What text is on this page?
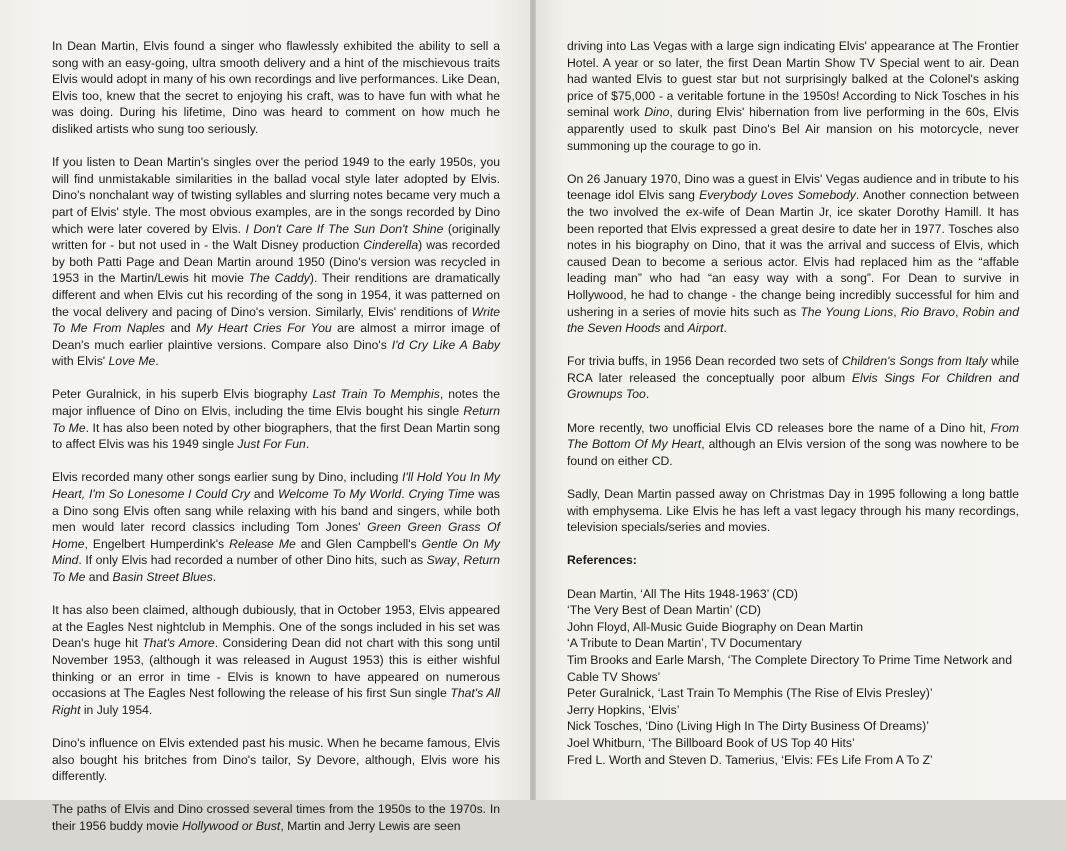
In Dean Martin, Elvis found a singer who flawlessly exhibited the ability to sell a song with an easy-going, ultra smooth delivery and a hint of the mischievous traits Elvis would adopt in many of his own recordings and live performances. Like Dean, Elvis too, knew that the secret to enjoying his craft, was to have fun with what he was doing. During his lifetime, Dino was heard to comment on how much he disliked artists who sung too seriously.

If you listen to Dean Martin's singles over the period 1949 to the early 1950s, you will find unmistakable similarities in the ballad vocal style later adopted by Elvis. Dino's nonchalant way of twisting syllables and slurring notes became very much a part of Elvis' style. The most obvious examples, are in the songs recorded by Dino which were later covered by Elvis. I Don't Care If The Sun Don't Shine (originally written for - but not used in - the Walt Disney production Cinderella) was recorded by both Patti Page and Dean Martin around 1950 (Dino's version was recycled in 1953 in the Martin/Lewis hit movie The Caddy). Their renditions are dramatically different and when Elvis cut his recording of the song in 1954, it was patterned on the vocal delivery and pacing of Dino's version. Similarly, Elvis' renditions of Write To Me From Naples and My Heart Cries For You are almost a mirror image of Dean's much earlier plaintive versions. Compare also Dino's I'd Cry Like A Baby with Elvis' Love Me.

Peter Guralnick, in his superb Elvis biography Last Train To Memphis, notes the major influence of Dino on Elvis, including the time Elvis bought his single Return To Me. It has also been noted by other biographers, that the first Dean Martin song to affect Elvis was his 1949 single Just For Fun.

Elvis recorded many other songs earlier sung by Dino, including I'll Hold You In My Heart, I'm So Lonesome I Could Cry and Welcome To My World. Crying Time was a Dino song Elvis often sang while relaxing with his band and singers, while both men would later record classics including Tom Jones' Green Green Grass Of Home, Engelbert Humperdink's Release Me and Glen Campbell's Gentle On My Mind. If only Elvis had recorded a number of other Dino hits, such as Sway, Return To Me and Basin Street Blues.

It has also been claimed, although dubiously, that in October 1953, Elvis appeared at the Eagles Nest nightclub in Memphis. One of the songs included in his set was Dean's huge hit That's Amore. Considering Dean did not chart with this song until November 1953, (although it was released in August 1953) this is either wishful thinking or an error in time - Elvis is known to have appeared on numerous occasions at The Eagles Nest following the release of his first Sun single That's All Right in July 1954.

Dino's influence on Elvis extended past his music. When he became famous, Elvis also bought his britches from Dino's tailor, Sy Devore, although, Elvis wore his differently.

The paths of Elvis and Dino crossed several times from the 1950s to the 1970s. In their 1956 buddy movie Hollywood or Bust, Martin and Jerry Lewis are seen

driving into Las Vegas with a large sign indicating Elvis' appearance at The Frontier Hotel. A year or so later, the first Dean Martin Show TV Special went to air. Dean had wanted Elvis to guest star but not surprisingly balked at the Colonel's asking price of $75,000 - a veritable fortune in the 1950s! According to Nick Tosches in his seminal work Dino, during Elvis' hibernation from live performing in the 60s, Elvis apparently used to skulk past Dino's Bel Air mansion on his motorcycle, never summoning up the courage to go in.

On 26 January 1970, Dino was a guest in Elvis' Vegas audience and in tribute to his teenage idol Elvis sang Everybody Loves Somebody. Another connection between the two involved the ex-wife of Dean Martin Jr, ice skater Dorothy Hamill. It has been reported that Elvis expressed a great desire to date her in 1977. Tosches also notes in his biography on Dino, that it was the arrival and success of Elvis, which caused Dean to become a serious actor. Elvis had replaced him as the “affable leading man” who had “an easy way with a song”. For Dean to survive in Hollywood, he had to change - the change being incredibly successful for him and ushering in a series of movie hits such as The Young Lions, Rio Bravo, Robin and the Seven Hoods and Airport.

For trivia buffs, in 1956 Dean recorded two sets of Children's Songs from Italy while RCA later released the conceptually poor album Elvis Sings For Children and Grownups Too.

More recently, two unofficial Elvis CD releases bore the name of a Dino hit, From The Bottom Of My Heart, although an Elvis version of the song was nowhere to be found on either CD.

Sadly, Dean Martin passed away on Christmas Day in 1995 following a long battle with emphysema. Like Elvis he has left a vast legacy through his many recordings, television specials/series and movies.

References:

Dean Martin, ‘All The Hits 1948-1963’ (CD)
‘The Very Best of Dean Martin’ (CD)
John Floyd, All-Music Guide Biography on Dean Martin
‘A Tribute to Dean Martin’, TV Documentary
Tim Brooks and Earle Marsh, ‘The Complete Directory To Prime Time Network and Cable TV Shows’
Peter Guralnick, ‘Last Train To Memphis (The Rise of Elvis Presley)’
Jerry Hopkins, ‘Elvis’
Nick Tosches, ‘Dino (Living High In The Dirty Business Of Dreams)’
Joel Whitburn, ‘The Billboard Book of US Top 40 Hits’
Fred L. Worth and Steven D. Tamerius, ‘Elvis: FEs Life From A To Z’
